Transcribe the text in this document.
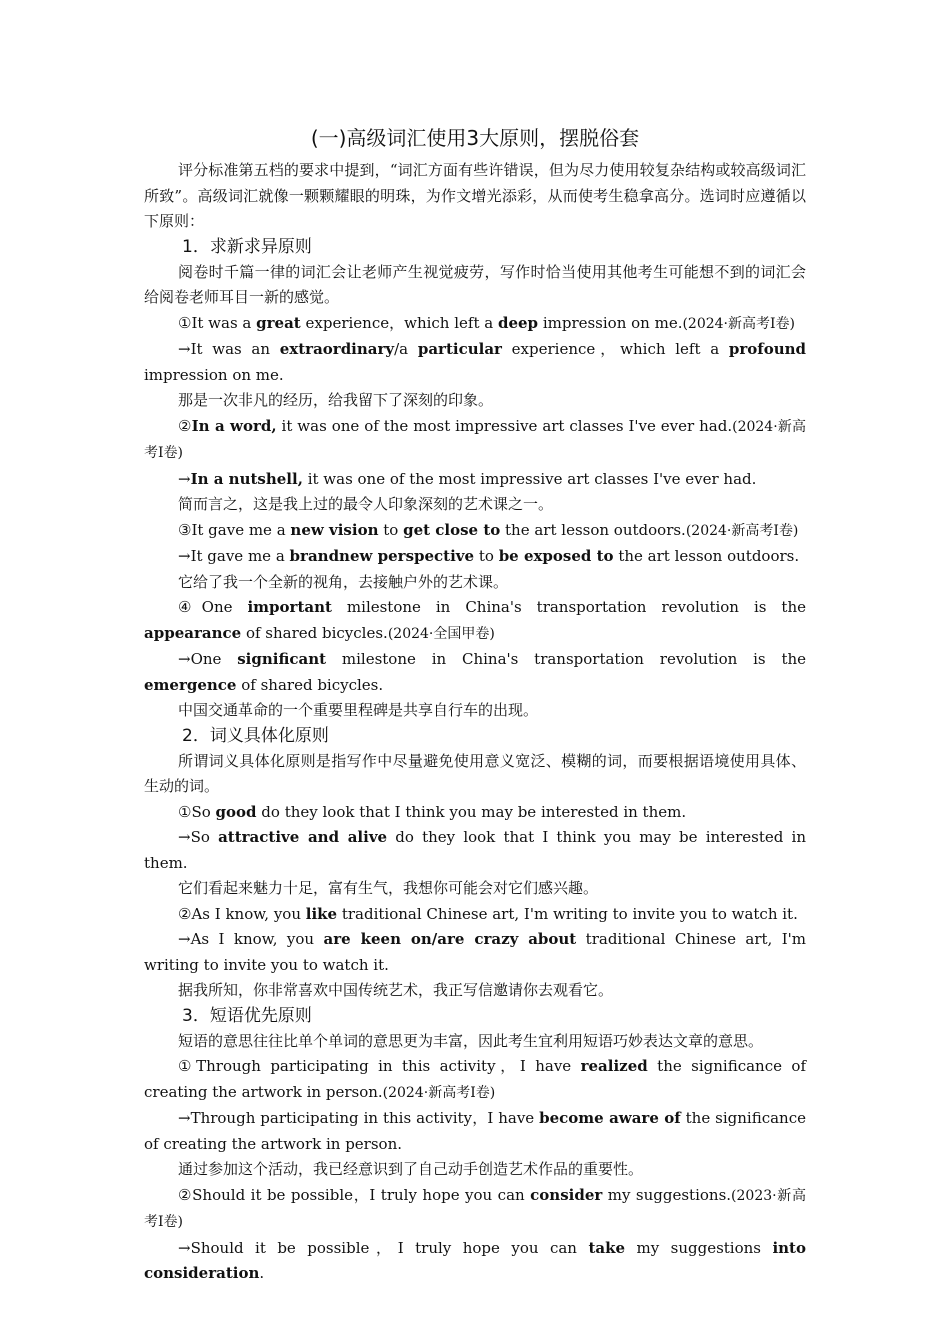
(一)高级词汇使用3大原则，摆脱俗套

评分标准第五档的要求中提到，“词汇方面有些许错误，但为尽力使用较复杂结构或较高级词汇所致”。高级词汇就像一颗颗耀眼的明珠，为作文增光添彩，从而使考生稳拿高分。选词时应遵循以下原则：

1．求新求异原则

阅卷时千篇一律的词汇会让老师产生视觉疲劳，写作时恰当使用其他考生可能想不到的词汇会给阅卷老师耳目一新的感觉。

①It was a great experience，which left a deep impression on me.(2024·新高考Ⅰ卷)

→It was an extraordinary/a particular experience，which left a profound impression on me.

那是一次非凡的经历，给我留下了深刻的印象。

②In a word, it was one of the most impressive art classes I've ever had.(2024·新高考Ⅰ卷)

→In a nutshell, it was one of the most impressive art classes I've ever had.

简而言之，这是我上过的最令人印象深刻的艺术课之一。

③It gave me a new vision to get close to the art lesson outdoors.(2024·新高考Ⅰ卷)

→It gave me a brandnew perspective to be exposed to the art lesson outdoors.

它给了我一个全新的视角，去接触户外的艺术课。

④One important milestone in China's transportation revolution is the appearance of shared bicycles.(2024·全国甲卷)

→One significant milestone in China's transportation revolution is the emergence of shared bicycles.

中国交通革命的一个重要里程碑是共享自行车的出现。

2．词义具体化原则

所谓词义具体化原则是指写作中尽量避免使用意义宽泛、模糊的词，而要根据语境使用具体、生动的词。

①So good do they look that I think you may be interested in them.

→So attractive and alive do they look that I think you may be interested in them.

它们看起来魅力十足，富有生气，我想你可能会对它们感兴趣。

②As I know, you like traditional Chinese art, I'm writing to invite you to watch it.

→As I know, you are keen on/are crazy about traditional Chinese art, I'm writing to invite you to watch it.

据我所知，你非常喜欢中国传统艺术，我正写信邀请你去观看它。

3．短语优先原则

短语的意思往往比单个单词的意思更为丰富，因此考生宜利用短语巧妙表达文章的意思。

①Through participating in this activity，I have realized the significance of creating the artwork in person.(2024·新高考Ⅰ卷)

→Through participating in this activity，I have become aware of the significance of creating the artwork in person.

通过参加这个活动，我已经意识到了自己动手创造艺术作品的重要性。

②Should it be possible，I truly hope you can consider my suggestions.(2023·新高考Ⅰ卷)

→Should it be possible，I truly hope you can take my suggestions into consideration.
